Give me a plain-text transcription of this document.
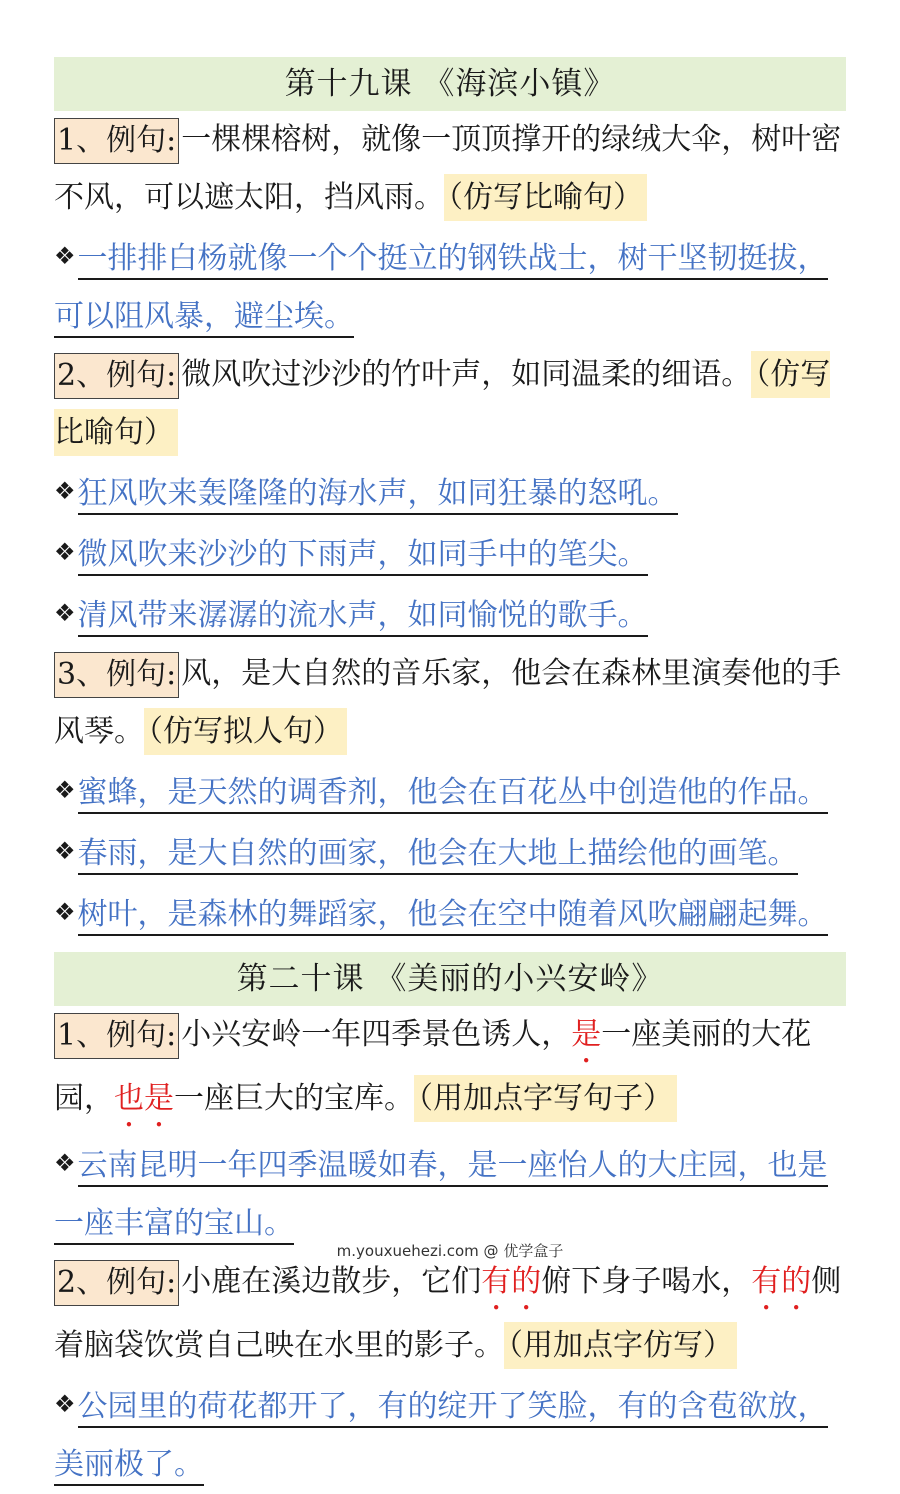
第十九课 《海滨小镇》

1、例句: 一棵棵榕树，就像一顶顶撑开的绿绒大伞，树叶密不风，可以遮太阳，挡风雨。 （仿写比喻句）

❖一排排白杨就像一个个挺立的钢铁战士，树干坚韧挺拔，可以阻风暴，避尘埃。

2、例句: 微风吹过沙沙的竹叶声，如同温柔的细语。 （仿写比喻句）

❖狂风吹来轰隆隆的海水声，如同狂暴的怒吼。

❖微风吹来沙沙的下雨声，如同手中的笔尖。

❖清风带来潺潺的流水声，如同愉悦的歌手。

3、例句: 风，是大自然的音乐家，他会在森林里演奏他的手风琴。 （仿写拟人句）

❖蜜蜂，是天然的调香剂，他会在百花丛中创造他的作品。

❖春雨，是大自然的画家，他会在大地上描绘他的画笔。

❖树叶，是森林的舞蹈家，他会在空中随着风吹翩翩起舞。

第二十课 《美丽的小兴安岭》

1、例句: 小兴安岭一年四季景色诱人，是一座美丽的大花园，也是一座巨大的宝库。 （用加点字写句子）

❖云南昆明一年四季温暖如春，是一座怡人的大庄园，也是一座丰富的宝山。

2、例句: 小鹿在溪边散步，它们有的俯下身子喝水，有的侧着脑袋饮赏自己映在水里的影子。 （用加点字仿写）

❖公园里的荷花都开了，有的绽开了笑脸，有的含苞欲放，美丽极了。

m.youxuehezi.com @ 优学盒子
